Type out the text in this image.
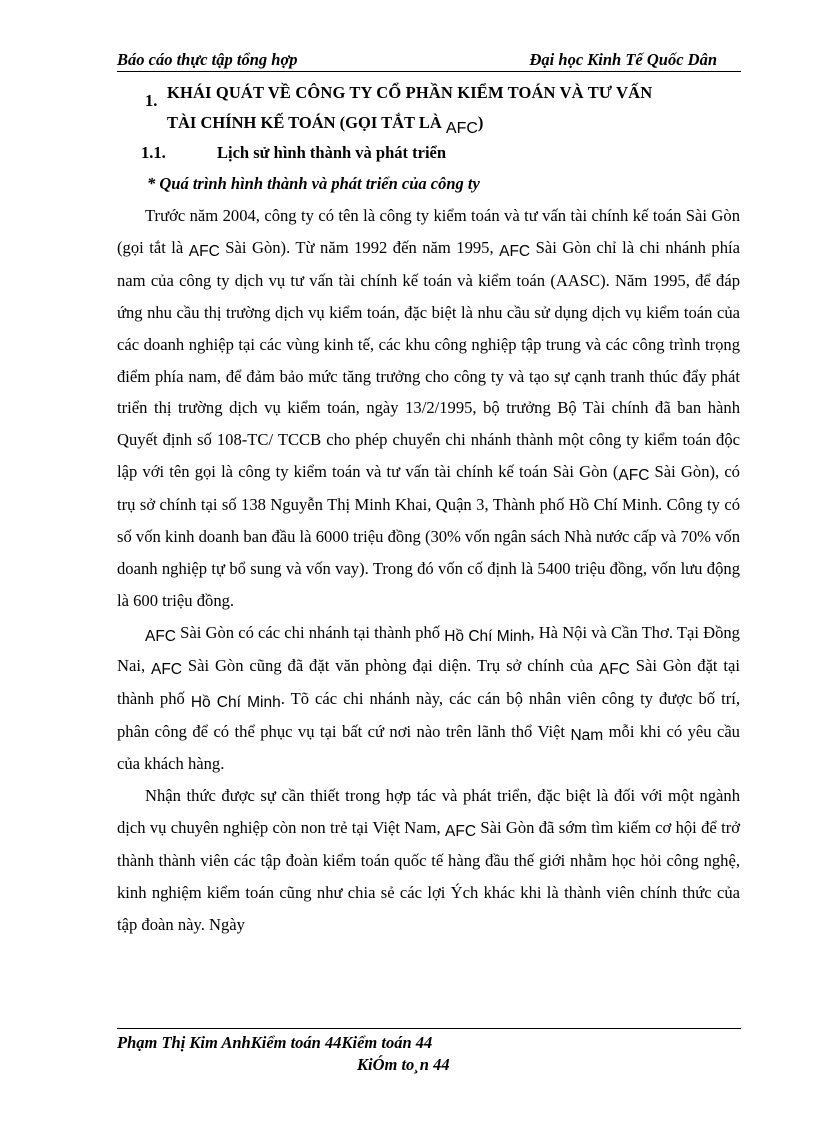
Báo cáo thực tập tổng hợp	Đại học Kinh Tế Quốc Dân
1. KHÁI QUÁT VỀ CÔNG TY CỔ PHẦN KIỂM TOÁN VÀ TƯ VẤN
TÀI CHÍNH KẾ TOÁN (GỌI TẮT LÀ AFC)
1.1.	Lịch sử hình thành và phát triển
* Quá trình hình thành và phát triển của công ty

Trước năm 2004, công ty có tên là công ty kiểm toán và tư vấn tài chính kế toán Sài Gòn (gọi tắt là AFC Sài Gòn). Từ năm 1992 đến năm 1995, AFC Sài Gòn chỉ là chi nhánh phía nam của công ty dịch vụ tư vấn tài chính kế toán và kiểm toán (AASC). Năm 1995, để đáp ứng nhu cầu thị trường dịch vụ kiểm toán, đặc biệt là nhu cầu sử dụng dịch vụ kiểm toán của các doanh nghiệp tại các vùng kinh tế, các khu công nghiệp tập trung và các công trình trọng điểm phía nam, để đảm bảo mức tăng trưởng cho công ty và tạo sự cạnh tranh thúc đẩy phát triển thị trường dịch vụ kiểm toán, ngày 13/2/1995, bộ trưởng Bộ Tài chính đã ban hành Quyết định số 108-TC/ TCCB cho phép chuyển chi nhánh thành một công ty kiểm toán độc lập với tên gọi là công ty kiểm toán và tư vấn tài chính kế toán Sài Gòn (AFC Sài Gòn), có trụ sở chính tại số 138 Nguyễn Thị Minh Khai, Quận 3, Thành phố Hồ Chí Minh. Công ty có số vốn kinh doanh ban đầu là 6000 triệu đồng (30% vốn ngân sách Nhà nước cấp và 70% vốn doanh nghiệp tự bổ sung và vốn vay). Trong đó vốn cố định là 5400 triệu đồng, vốn lưu động là 600 triệu đồng.

AFC Sài Gòn có các chi nhánh tại thành phố Hồ Chí Minh, Hà Nội và Cần Thơ. Tại Đồng Nai, AFC Sài Gòn cũng đã đặt văn phòng đại diện. Trụ sở chính của AFC Sài Gòn đặt tại thành phố Hồ Chí Minh. Tõ các chi nhánh này, các cán bộ nhân viên công ty được bố trí, phân công để có thể phục vụ tại bất cứ nơi nào trên lãnh thổ Việt Nam mỗi khi có yêu cầu của khách hàng.

Nhận thức được sự cần thiết trong hợp tác và phát triển, đặc biệt là đối với một ngành dịch vụ chuyên nghiệp còn non trẻ tại Việt Nam, AFC Sài Gòn đã sớm tìm kiếm cơ hội để trở thành thành viên các tập đoàn kiểm toán quốc tế hàng đầu thế giới nhằm học hỏi công nghệ, kinh nghiệm kiểm toán cũng như chia sẻ các lợi Ých khác khi là thành viên chính thức của tập đoàn này. Ngày

Phạm Thị Kim AnhKiểm toán 44Kiểm toán 44
KiÓm to¸n 44
